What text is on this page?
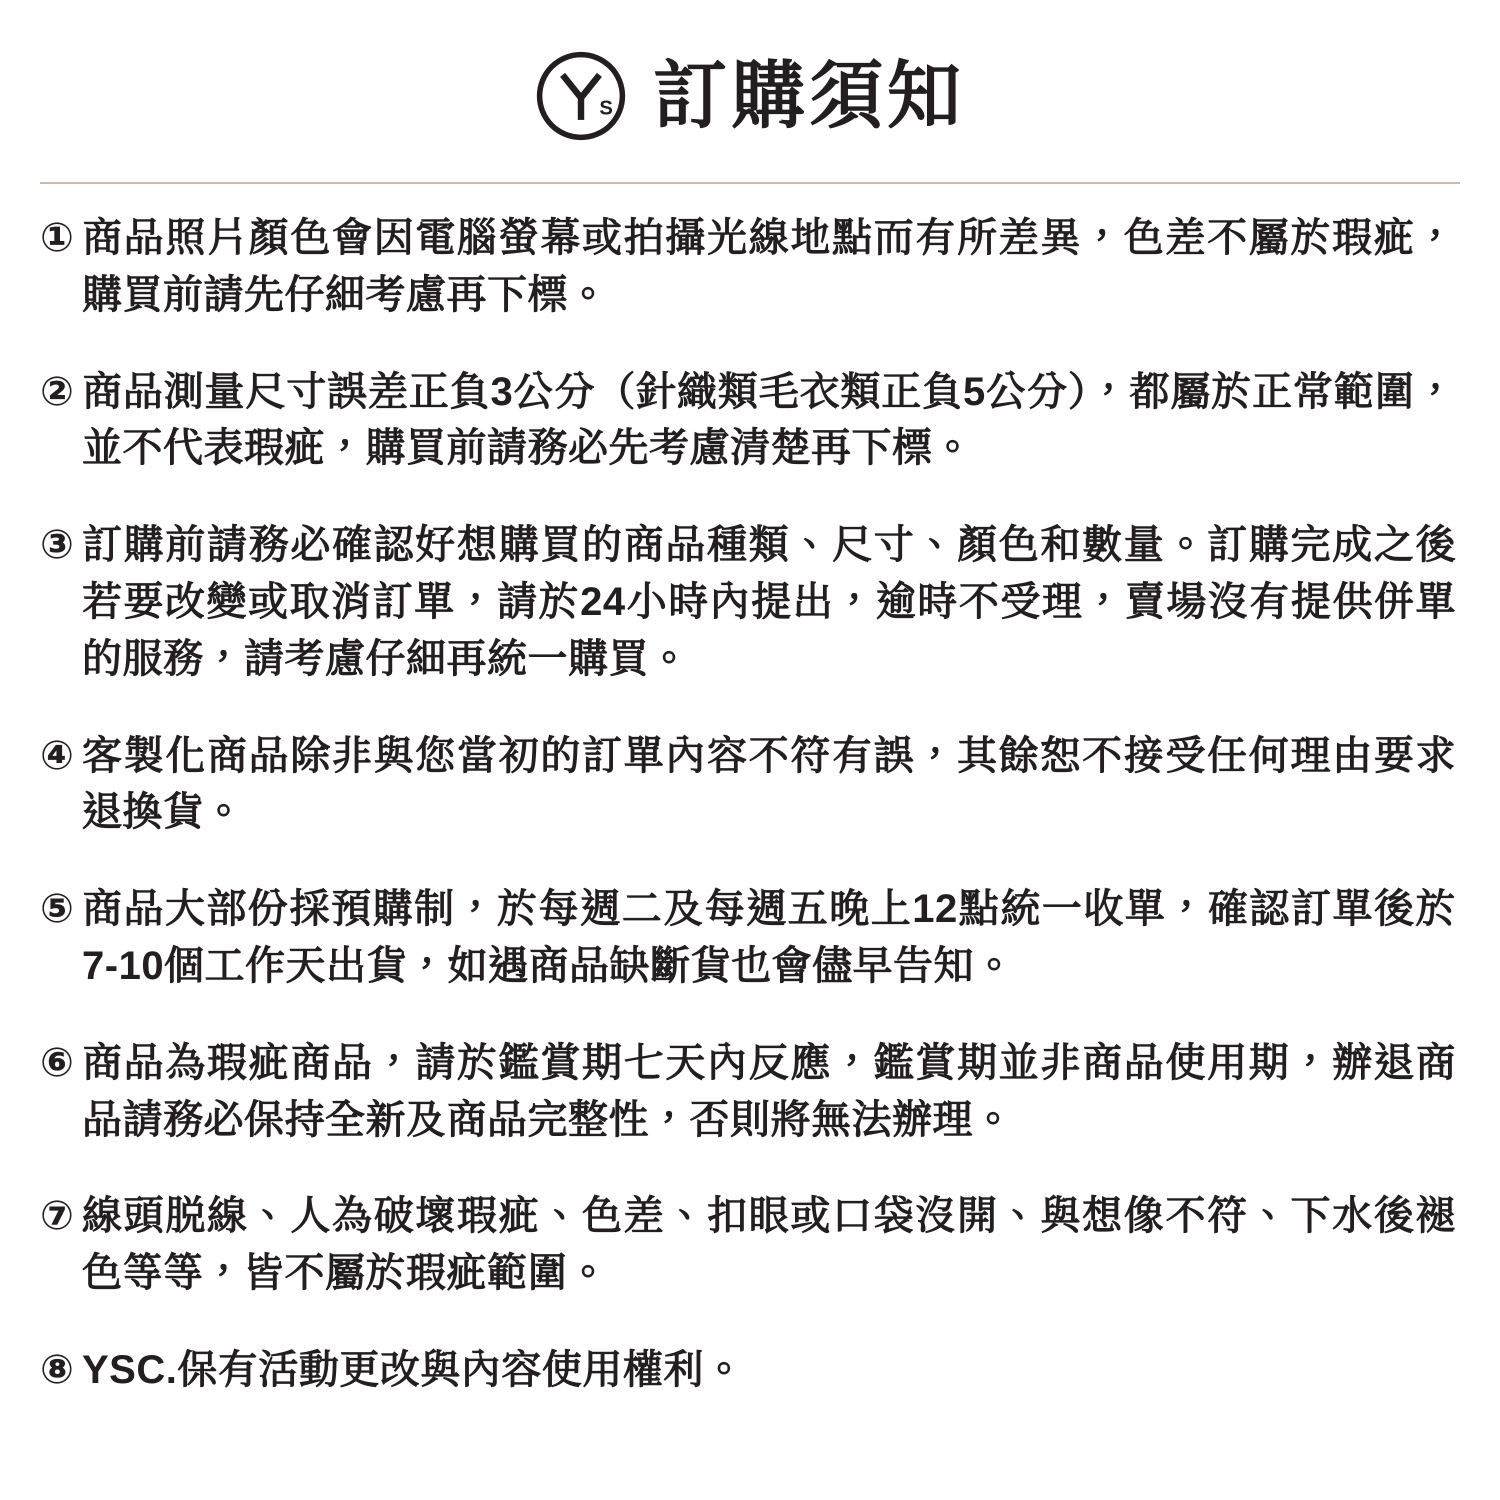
S 訂購須知
① 商品照片顏色會因電腦螢幕或拍攝光線地點而有所差異，色差不屬於瑕疵，購買前請先仔細考慮再下標。
② 商品測量尺寸誤差正負3公分（針織類毛衣類正負5公分），都屬於正常範圍，並不代表瑕疵，購買前請務必先考慮清楚再下標。
③ 訂購前請務必確認好想購買的商品種類、尺寸、顏色和數量。訂購完成之後若要改變或取消訂單，請於24小時內提出，逾時不受理，賣場沒有提供併單的服務，請考慮仔細再統一購買。
④ 客製化商品除非與您當初的訂單內容不符有誤，其餘恕不接受任何理由要求退換貨。
⑤ 商品大部份採預購制，於每週二及每週五晚上12點統一收單，確認訂單後於7-10個工作天出貨，如遇商品缺斷貨也會儘早告知。
⑥ 商品為瑕疵商品，請於鑑賞期七天內反應，鑑賞期並非商品使用期，辦退商品請務必保持全新及商品完整性，否則將無法辦理。
⑦ 線頭脱線、人為破壞瑕疵、色差、扣眼或口袋沒開、與想像不符、下水後褪色等等，皆不屬於瑕疵範圍。
⑧ YSC.保有活動更改與內容使用權利。
